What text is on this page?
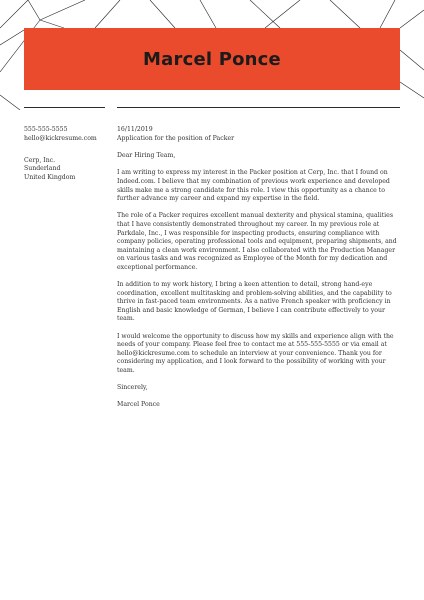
Marcel Ponce
555-555-5555
hello@kickresume.com
Cerp, Inc.
Sunderland
United Kingdom

16/11/2019

Application for the position of Packer

Dear Hiring Team,

I am writing to express my interest in the Packer position at Cerp, Inc. that I found on Indeed.com. I believe that my combination of previous work experience and developed skills make me a strong candidate for this role. I view this opportunity as a chance to further advance my career and expand my expertise in the field.

The role of a Packer requires excellent manual dexterity and physical stamina, qualities that I have consistently demonstrated throughout my career. In my previous role at Parkdale, Inc., I was responsible for inspecting products, ensuring compliance with company policies, operating professional tools and equipment, preparing shipments, and maintaining a clean work environment. I also collaborated with the Production Manager on various tasks and was recognized as Employee of the Month for my dedication and exceptional performance.

In addition to my work history, I bring a keen attention to detail, strong hand-eye coordination, excellent multitasking and problem-solving abilities, and the capability to thrive in fast-paced team environments. As a native French speaker with proficiency in English and basic knowledge of German, I believe I can contribute effectively to your team.

I would welcome the opportunity to discuss how my skills and experience align with the needs of your company. Please feel free to contact me at 555-555-5555 or via email at hello@kickresume.com to schedule an interview at your convenience. Thank you for considering my application, and I look forward to the possibility of working with your team.

Sincerely,

Marcel Ponce
